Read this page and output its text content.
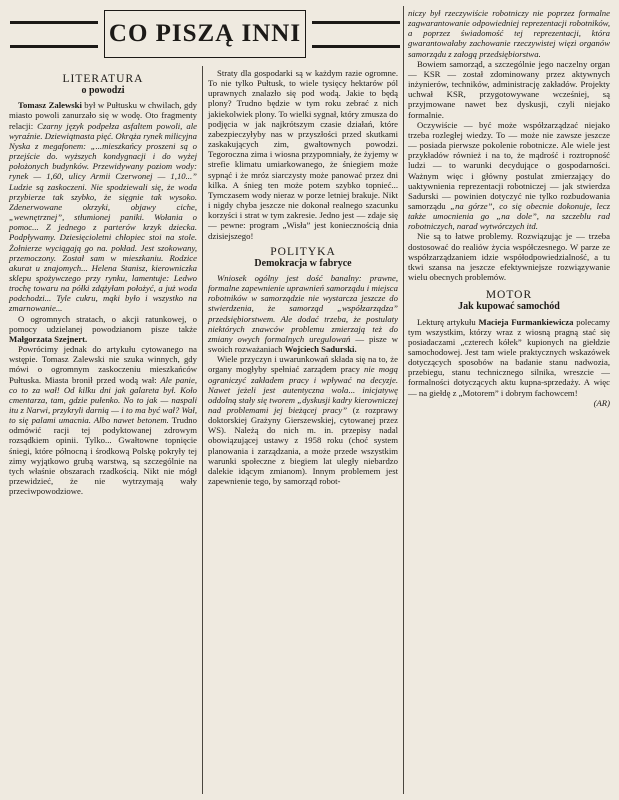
CO PISZĄ INNI
LITERATURA
o powodzi

Tomasz Zalewski był w Pułtusku w chwilach, gdy miasto powoli zanurzało się w wodę. Oto fragmenty relacji: Czarny język podpełza asfaltem powoli, ale wyraźnie. Dziewiątnasta pięć. Okrąża rynek milicyjna Nyska z megafonem: „...mieszkańcy proszeni są o przejście do. wyższych kondygnacji i do wyżej położonych budynków. Przewidywany poziom wody: rynek — 1,60, ulicy Armii Czerwonej — 1,10...” Ludzie są zaskoczeni. Nie spodziewali się, że woda przybierze tak szybko, że sięgnie tak wysoko. Zdenerwowane okrzyki, objawy ciche, „wewnętrznej”, stłumionej paniki. Wołania o pomoc... Z jednego z parterów krzyk dziecka. Podpływamy. Dziesięcioletni chłopiec stoi na stole. Żołnierze wyciągają go na. pokład. Jest szokowany, przemoczony. Został sam w mieszkaniu. Rodzice akurat u znajomych... Helena Stanisz, kierowniczka sklepu spożywczego przy rynku, lamentuje: Ledwo trochę towaru na półki zdążyłam położyć, a już woda podchodzi... Tyle cukru, mąki było i wszystko na zmarnowanie...

O ogromnych stratach, o akcji ratunkowej, o pomocy udzielanej powodzianom pisze także Małgorzata Szejnert.

Powrócimy jednak do artykułu cytowanego na wstępie. Tomasz Zalewski nie szuka winnych, gdy mówi o ogromnym zaskoczeniu mieszkańców Pułtuska. Miasta bronił przed wodą wał: Ale panie, co to za wał! Od kilku dni jak galareta był. Koło cmentarza, tam, gdzie pułenko. No to jak — naspali itu z Narwi, przykryli darnią — i to ma być wał? Wał, to się palami umacnia. Albo nawet betonem. Trudno odmówić racji tej podyktowanej zdrowym rozsądkiem opinii. Tylko... Gwałtowne topnięcie śniegi, które północną i środkową Polskę pokryły tej zimy wyjątkowo grubą warstwą, są szczególnie na tych właśnie obszarach rzadkością. Nikt nie mógł przewidzieć, że nie wytrzymają wały przeciwpowodziowe.

Straty dla gospodarki są w każdym razie ogromne. To nie tylko Pułtusk, to wiele tysięcy hektarów pól uprawnych znalazło się pod wodą. Jakie to będą plony? Trudno będzie w tym roku zebrać z nich jakiekolwiek plony. To wielki sygnał, który zmusza do podjęcia w jak najkrótszym czasie działań, które zabezpieczyłyby nas w przyszłości przed skutkami zaskakujących zim, gwałtownych powodzi. Tegoroczna zima i wiosna przypomniały, że żyjemy w strefie klimatu umiarkowanego, że śniegiem może sypnąć i że mróz siarczysty może panować przez dni kilka. A śnieg ten może potem szybko topnieć... Tymczasem wody nieraz w porze letniej brakuje. Nikt i nigdy chyba jeszcze nie dokonał realnego szacunku korzyści i strat w tym zakresie. Jedno jest — zdaje się — pewne: program „Wisła” jest koniecznością dnia dzisiejszego!

POLITYKA
Demokracja w fabryce

Wniosek ogólny jest dość banalny: prawne, formalne zapewnienie uprawnień samorządu i miejsca robotników w samorządzie nie wystarcza jeszcze do stwierdzenia, że samorząd „współzarządza” przedsiębiorstwem. Ale dodać trzeba, że postulaty niektórych znawców problemu zmierzają też do zmiany owych formalnych uregulowań — pisze w swoich rozważaniach Wojciech Sadurski.

Wiele przyczyn i uwarunkowań składa się na to, że organy mogłyby spełniać zarządem pracy nie mogą ograniczyć zakładem pracy i wpływać na decyzje. Nawet jeżeli jest autentyczna wola... inicjatywę oddolną stały się tworem „dyskusji kadry kierowniczej nad problemami jej bieżącej pracy” (z rozprawy doktorskiej Grażyny Gierszewskiej, cytowanej przez WS). Należą do nich m. in. przepisy nadal obowiązującej ustawy z 1958 roku (choć system planowania i zarządzania, a może przede wszystkim warunki społeczne z biegiem lat uległy niebardzo dalekie idącym zmianom). Innym problemem jest zapewnienie tego, by samorząd robot-

niczy był rzeczywiście robotniczy nie poprzez formalne zagwarantowanie odpowiedniej reprezentacji robotników, a poprzez świadomość tej reprezentacji, która gwarantowałaby zachowanie rzeczywistej więzi organów samorządu z załogą przedsiębiorstwa.

Bowiem samorząd, a szczególnie jego naczelny organ — KSR — został zdominowany przez aktywnych inżynierów, techników, administrację zakładów. Projekty uchwał KSR, przygotowywane wcześniej, są przyjmowane nawet bez dyskusji, czyli niejako formalnie.

Oczywiście — być może współzarządzać niejako trzeba rozległej wiedzy. To — może nie zawsze jeszcze — posiada pierwsze pokolenie robotnicze. Ale wiele jest przykładów również i na to, że mądrość i roztropność ludzi — to warunki decydujące o gospodarności. Ważnym więc i główny postulat zmierzający do uaktywnienia reprezentacji robotniczej — jak stwierdza Sadurski — powinien dotyczyć nie tylko rozbudowania samorządu „na górze”, co się obecnie dokonuje, lecz także umocnienia go „na dole”, na szczeblu rad robotniczych, narad wytwórczych itd.

Nie są to łatwe problemy. Rozwiązując je — trzeba dostosować do realiów życia współczesnego. W parze ze współzarządzaniem idzie współodpowiedzialność, a tu tkwi szansa na jeszcze efektywniejsze rozwiązywanie wielu obecnych problemów.

MOTOR
Jak kupować samochód

Lekturę artykułu Macieja Furmankiewicza polecamy tym wszystkim, którzy wraz z wiosną pragną stać się posiadaczami „czterech kółek” kupionych na giełdzie samochodowej. Jest tam wiele praktycznych wskazówek dotyczących sposobów na badanie stanu nadwozia, przebiegu, stanu technicznego silnika, wreszcie — formalności dotyczących aktu kupna-sprzedaży. A więc — na giełdę z „Motorem” i dobrym fachowcem!

(AR)
